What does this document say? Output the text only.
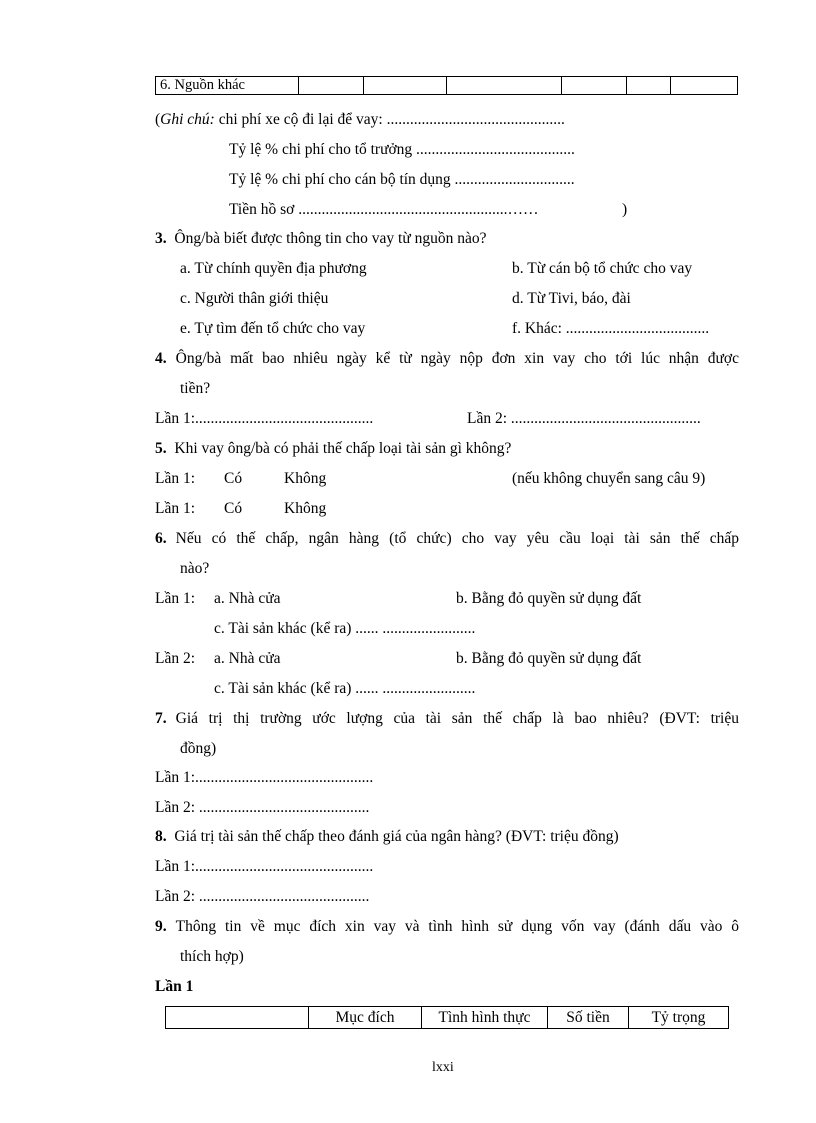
6. Nguồn khác						
(Ghi chú: chi phí xe cộ đi lại để vay: ..............................................
Tỷ lệ % chi phí cho tổ trưởng .........................................
Tỷ lệ % chi phí cho cán bộ tín dụng ...............................
Tiền hồ sơ ......................................................……	)
3. Ông/bà biết được thông tin cho vay từ nguồn nào?
a. Từ chính quyền địa phương	b. Từ cán bộ tổ chức cho vay
c. Người thân giới thiệu	d. Từ Tivi, báo, đài
e. Tự tìm đến tổ chức cho vay	f. Khác: .....................................
4. Ông/bà mất bao nhiêu ngày kể từ ngày nộp đơn xin vay cho tới lúc nhận được
tiền?
Lần 1:..............................................	Lần 2: .................................................
5. Khi vay ông/bà có phải thế chấp loại tài sản gì không?
Lần 1: Có	Không	(nếu không chuyển sang câu 9)
Lần 1: Có	Không
6. Nếu có thế chấp, ngân hàng (tổ chức) cho vay yêu cầu loại tài sản thế chấp
nào?
Lần 1: a. Nhà cửa	b. Bằng đỏ quyền sử dụng đất
c. Tài sản khác (kể ra) ...... ........................
Lần 2: a. Nhà cửa	b. Bằng đỏ quyền sử dụng đất
c. Tài sản khác (kể ra) ...... ........................
7. Giá trị thị trường ước lượng của tài sản thế chấp là bao nhiêu? (ĐVT: triệu
đồng)
Lần 1:..............................................
Lần 2: ............................................
8. Giá trị tài sản thế chấp theo đánh giá của ngân hàng? (ĐVT: triệu đồng)
Lần 1:..............................................
Lần 2: ............................................
9. Thông tin về mục đích xin vay và tình hình sử dụng vốn vay (đánh dấu vào ô
thích hợp)
Lần 1
	Mục đích	Tình hình thực	Số tiền	Tỷ trọng
lxxi
